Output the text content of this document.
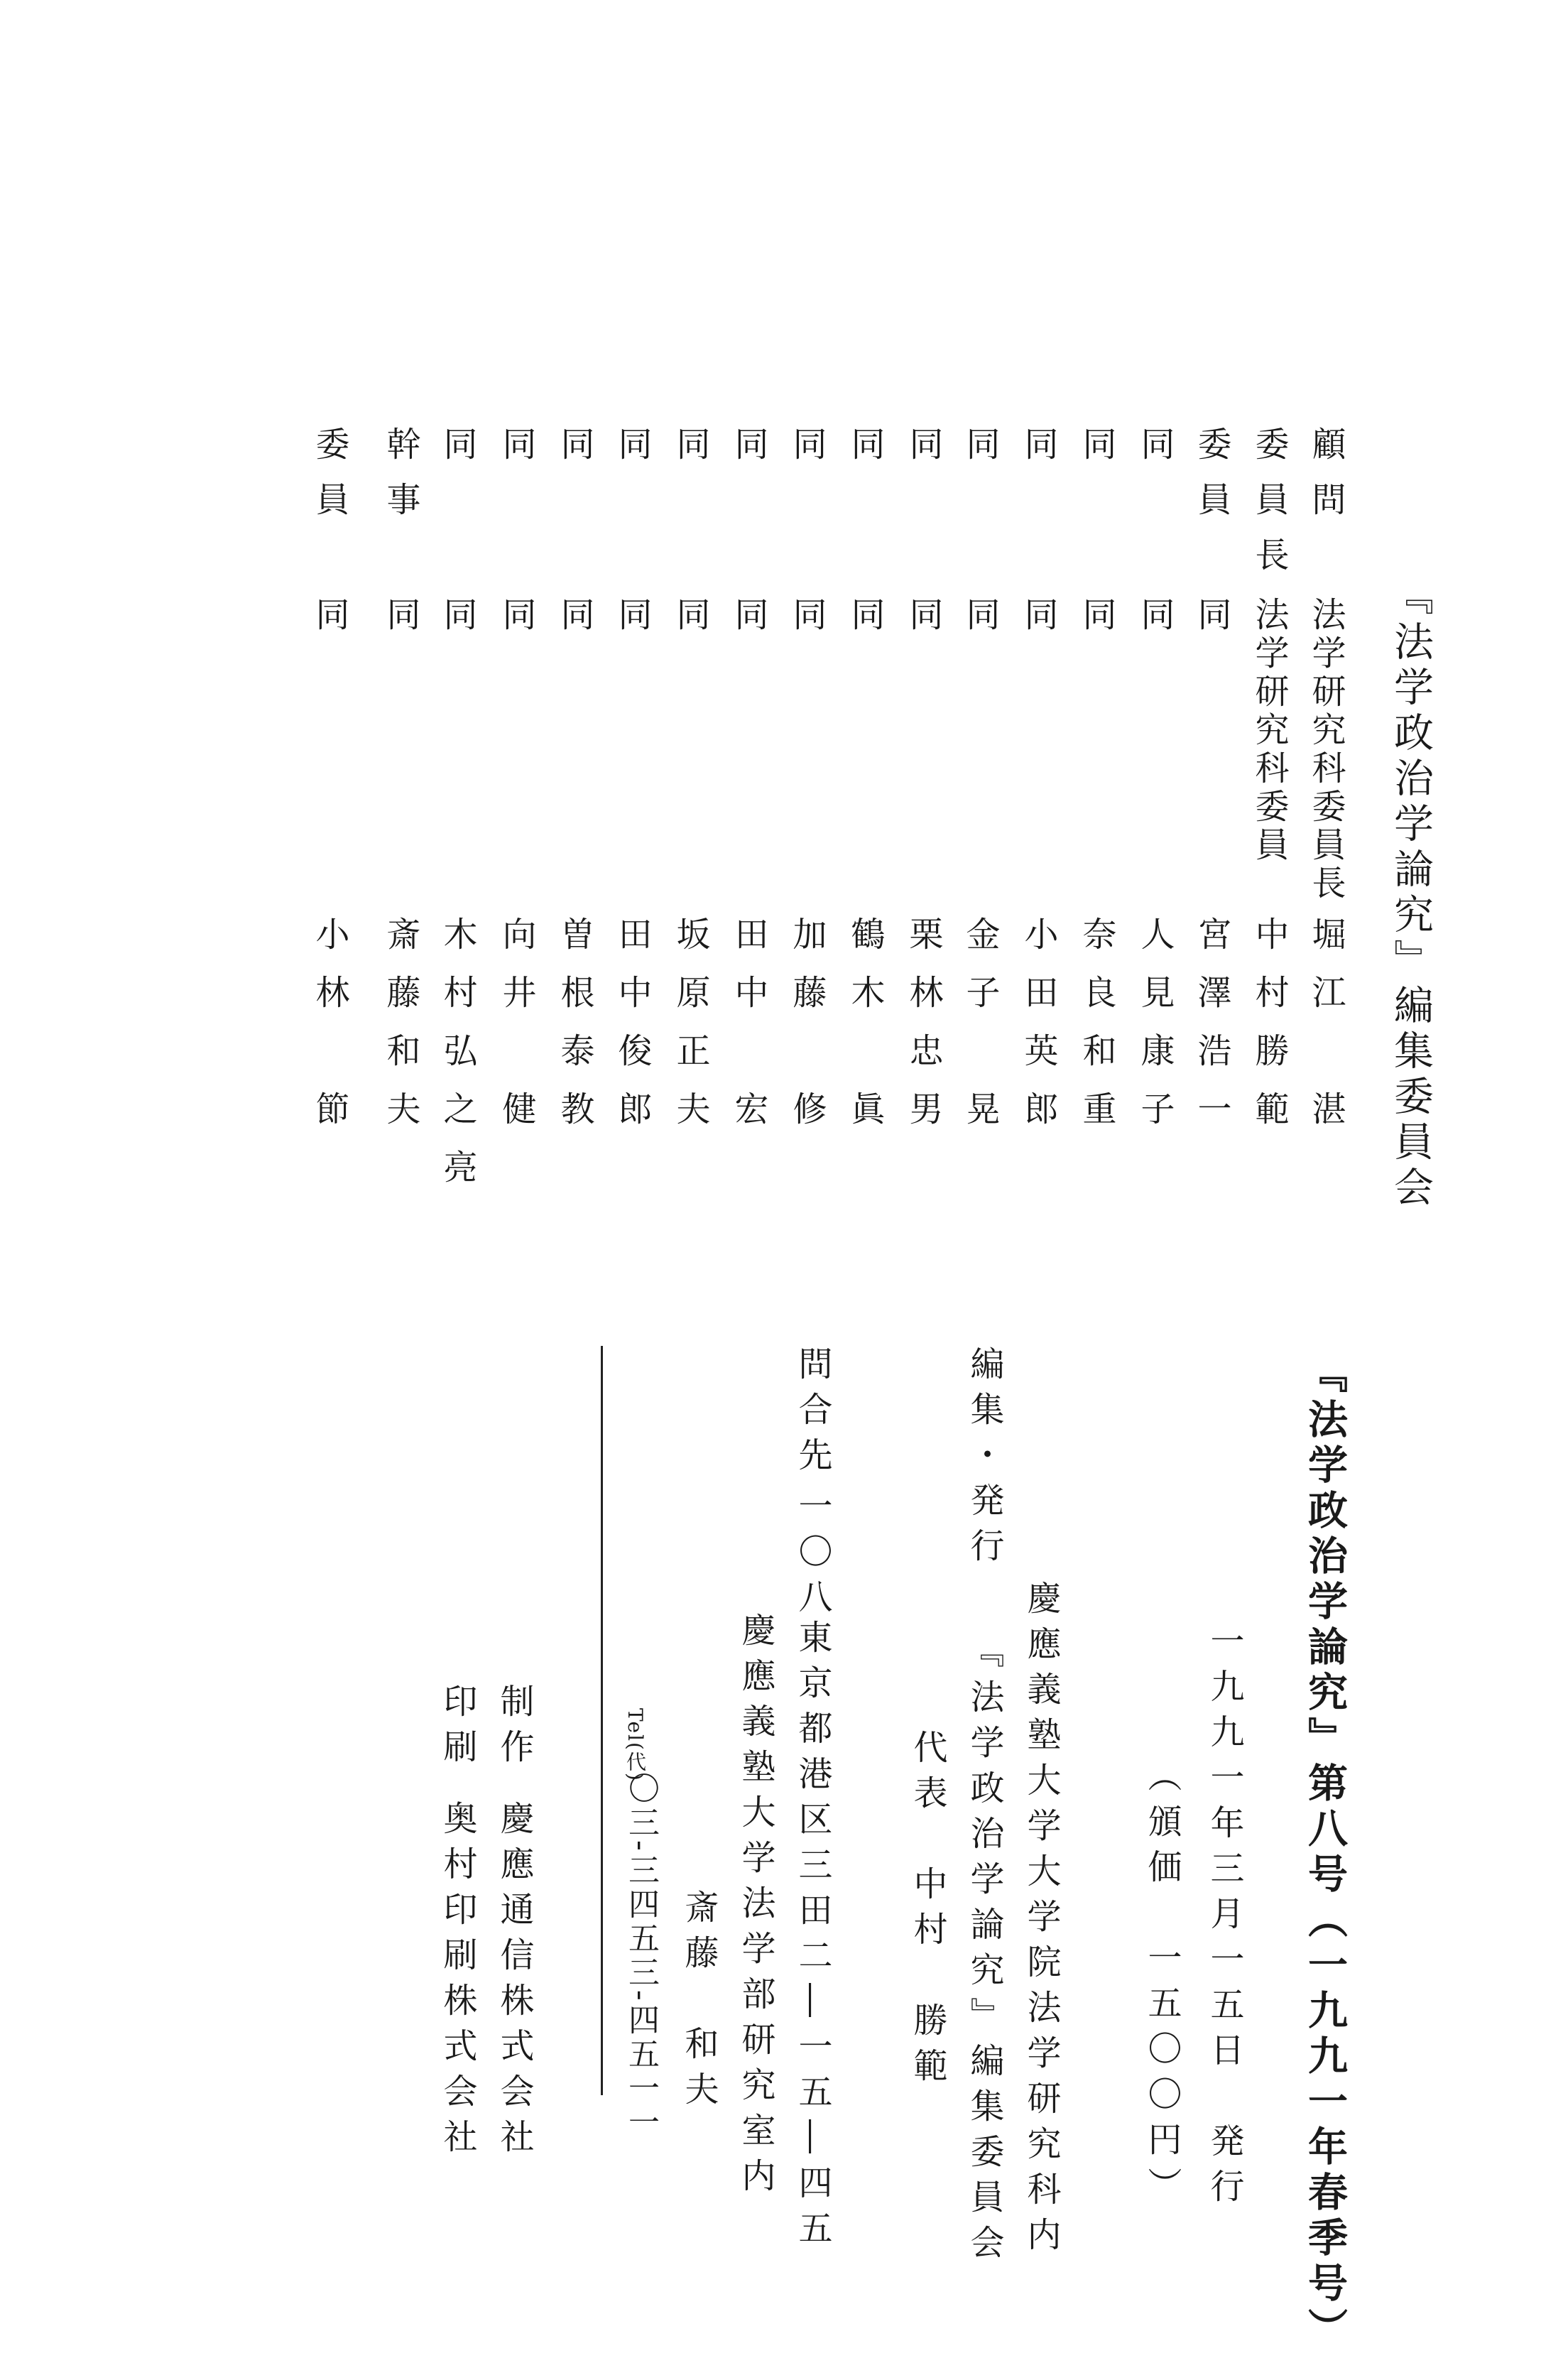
『法学政治学論究』編集委員会
顧問
法学研究科委員長
堀江　湛
委員長
法学研究科委員
中村勝範
委員
同
宮澤浩一
同
同
人見康子
同
同
奈良和重
同
同
小田英郎
同
同
金子　晃
同
同
栗林忠男
同
同
鶴木　眞
同
同
加藤　修
同
同
田中　宏
同
同
坂原正夫
同
同
田中俊郎
同
同
曽根泰教
同
同
向井　健
同
同
木村弘之亮
幹事
同
斎藤和夫
委員
同
小林　節
『法学政治学論究』第八号（一九九一年春季号）
一九九一年三月一五日　発行
（頒価　一五〇〇円）
慶應義塾大学大学院法学研究科内
編集・発行
『法学政治学論究』編集委員会
代表　中村　勝範
問合先
一〇八
東京都港区三田二―一五―四五
慶應義塾大学法学部研究室内
斎藤　和夫
Tel(代)
〇三-三四五三-四五一一
制作
慶應通信株式会社
印刷
奥村印刷株式会社
